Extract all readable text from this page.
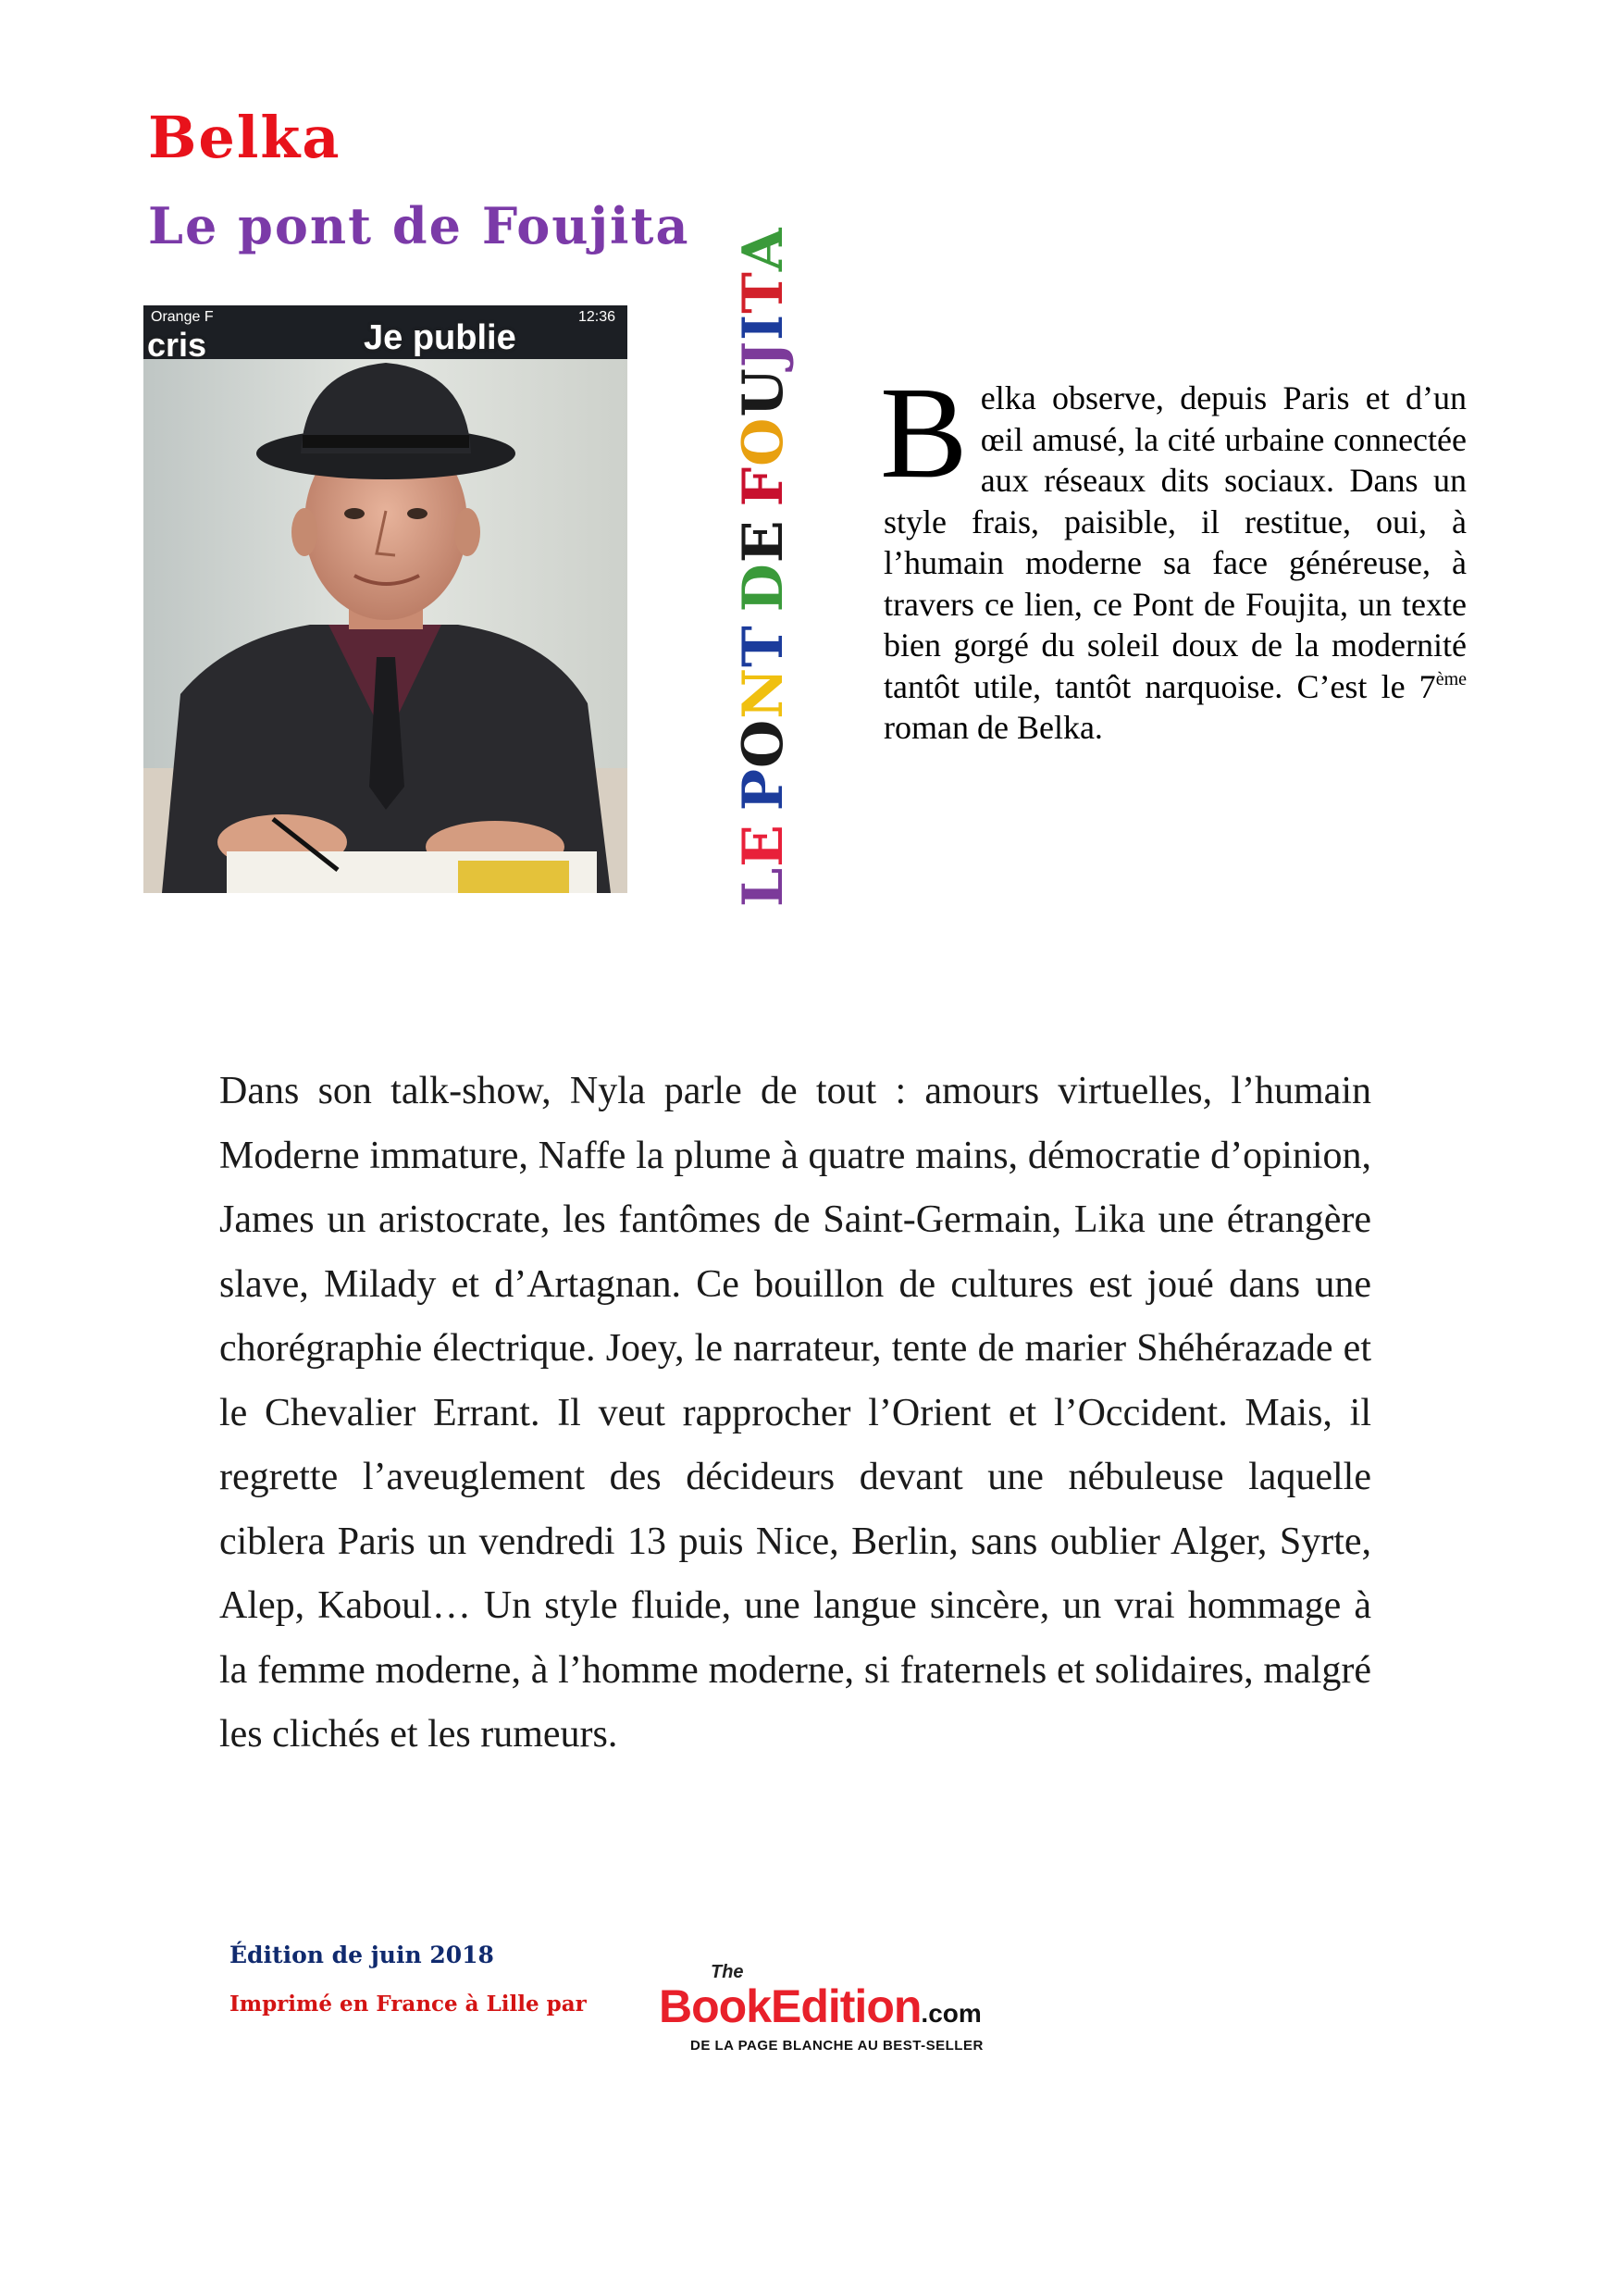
Belka
Le pont de Foujita
Orange F	12:36
cris	Je publie
LE PONT DE FOUJITA
Belka observe, depuis Paris et d’un œil amusé, la cité urbaine connectée aux réseaux dits sociaux. Dans un style frais, paisible, il restitue, oui, à l’humain moderne sa face généreuse, à travers ce lien, ce Pont de Foujita, un texte bien gorgé du soleil doux de la modernité tantôt utile, tantôt narquoise. C’est le 7ème roman de Belka.
Dans son talk-show, Nyla parle de tout : amours virtuelles, l’humain Moderne immature, Naffe la plume à quatre mains, démocratie d’opinion, James un aristocrate, les fantômes de Saint-Germain, Lika une étrangère slave, Milady et d’Artagnan. Ce bouillon de cultures est joué dans une chorégraphie électrique. Joey, le narrateur, tente de marier Shéhérazade et le Chevalier Errant. Il veut rapprocher l’Orient et l’Occident. Mais, il regrette l’aveuglement des décideurs devant une nébuleuse laquelle ciblera Paris un vendredi 13 puis Nice, Berlin, sans oublier Alger, Syrte, Alep, Kaboul… Un style fluide, une langue sincère, un vrai hommage à la femme moderne, à l’homme moderne, si fraternels et solidaires, malgré les clichés et les rumeurs.
Édition de juin 2018
Imprimé en France à Lille par
The
BookEdition.com
DE LA PAGE BLANCHE AU BEST-SELLER
